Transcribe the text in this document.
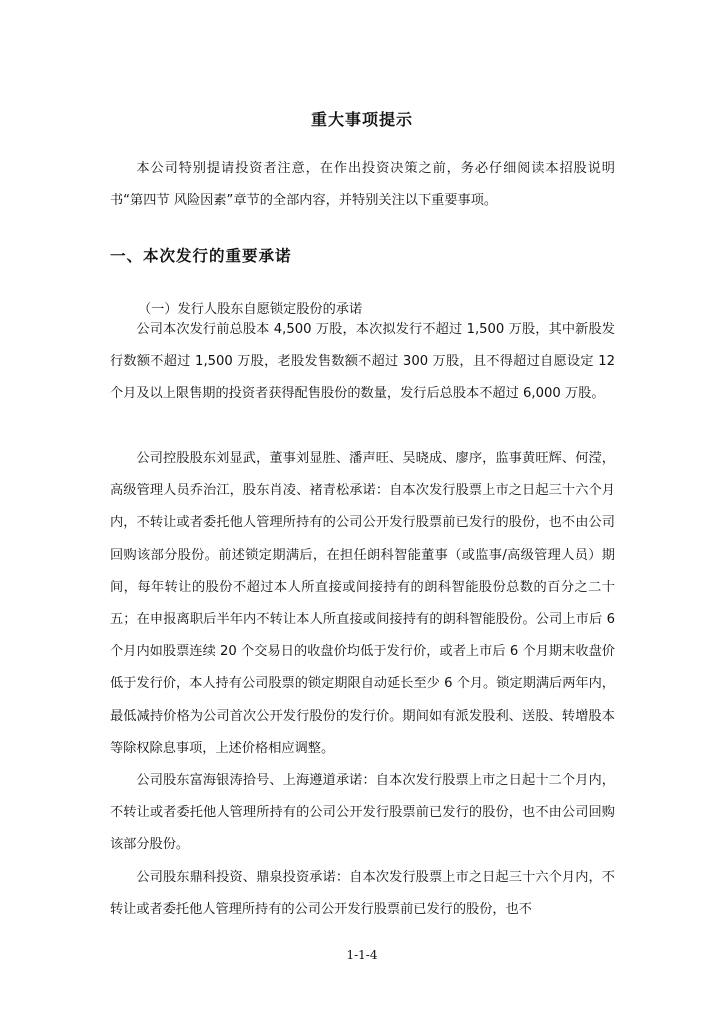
重大事项提示

本公司特别提请投资者注意，在作出投资决策之前，务必仔细阅读本招股说明书“第四节 风险因素”章节的全部内容，并特别关注以下重要事项。

一、本次发行的重要承诺
（一）发行人股东自愿锁定股份的承诺

公司本次发行前总股本 4,500 万股，本次拟发行不超过 1,500 万股，其中新股发行数额不超过 1,500 万股，老股发售数额不超过 300 万股，且不得超过自愿设定 12 个月及以上限售期的投资者获得配售股份的数量，发行后总股本不超过 6,000 万股。

公司控股股东刘显武，董事刘显胜、潘声旺、吴晓成、廖序，监事黄旺辉、何滢，高级管理人员乔治江，股东肖凌、褚青松承诺：自本次发行股票上市之日起三十六个月内，不转让或者委托他人管理所持有的公司公开发行股票前已发行的股份，也不由公司回购该部分股份。前述锁定期满后，在担任朗科智能董事（或监事/高级管理人员）期间，每年转让的股份不超过本人所直接或间接持有的朗科智能股份总数的百分之二十五；在申报离职后半年内不转让本人所直接或间接持有的朗科智能股份。公司上市后 6 个月内如股票连续 20 个交易日的收盘价均低于发行价，或者上市后 6 个月期末收盘价低于发行价，本人持有公司股票的锁定期限自动延长至少 6 个月。锁定期满后两年内，最低减持价格为公司首次公开发行股份的发行价。期间如有派发股利、送股、转增股本等除权除息事项，上述价格相应调整。

公司股东富海银涛拾号、上海遵道承诺：自本次发行股票上市之日起十二个月内，不转让或者委托他人管理所持有的公司公开发行股票前已发行的股份，也不由公司回购该部分股份。

公司股东鼎科投资、鼎泉投资承诺：自本次发行股票上市之日起三十六个月内，不转让或者委托他人管理所持有的公司公开发行股票前已发行的股份，也不

1-1-4
